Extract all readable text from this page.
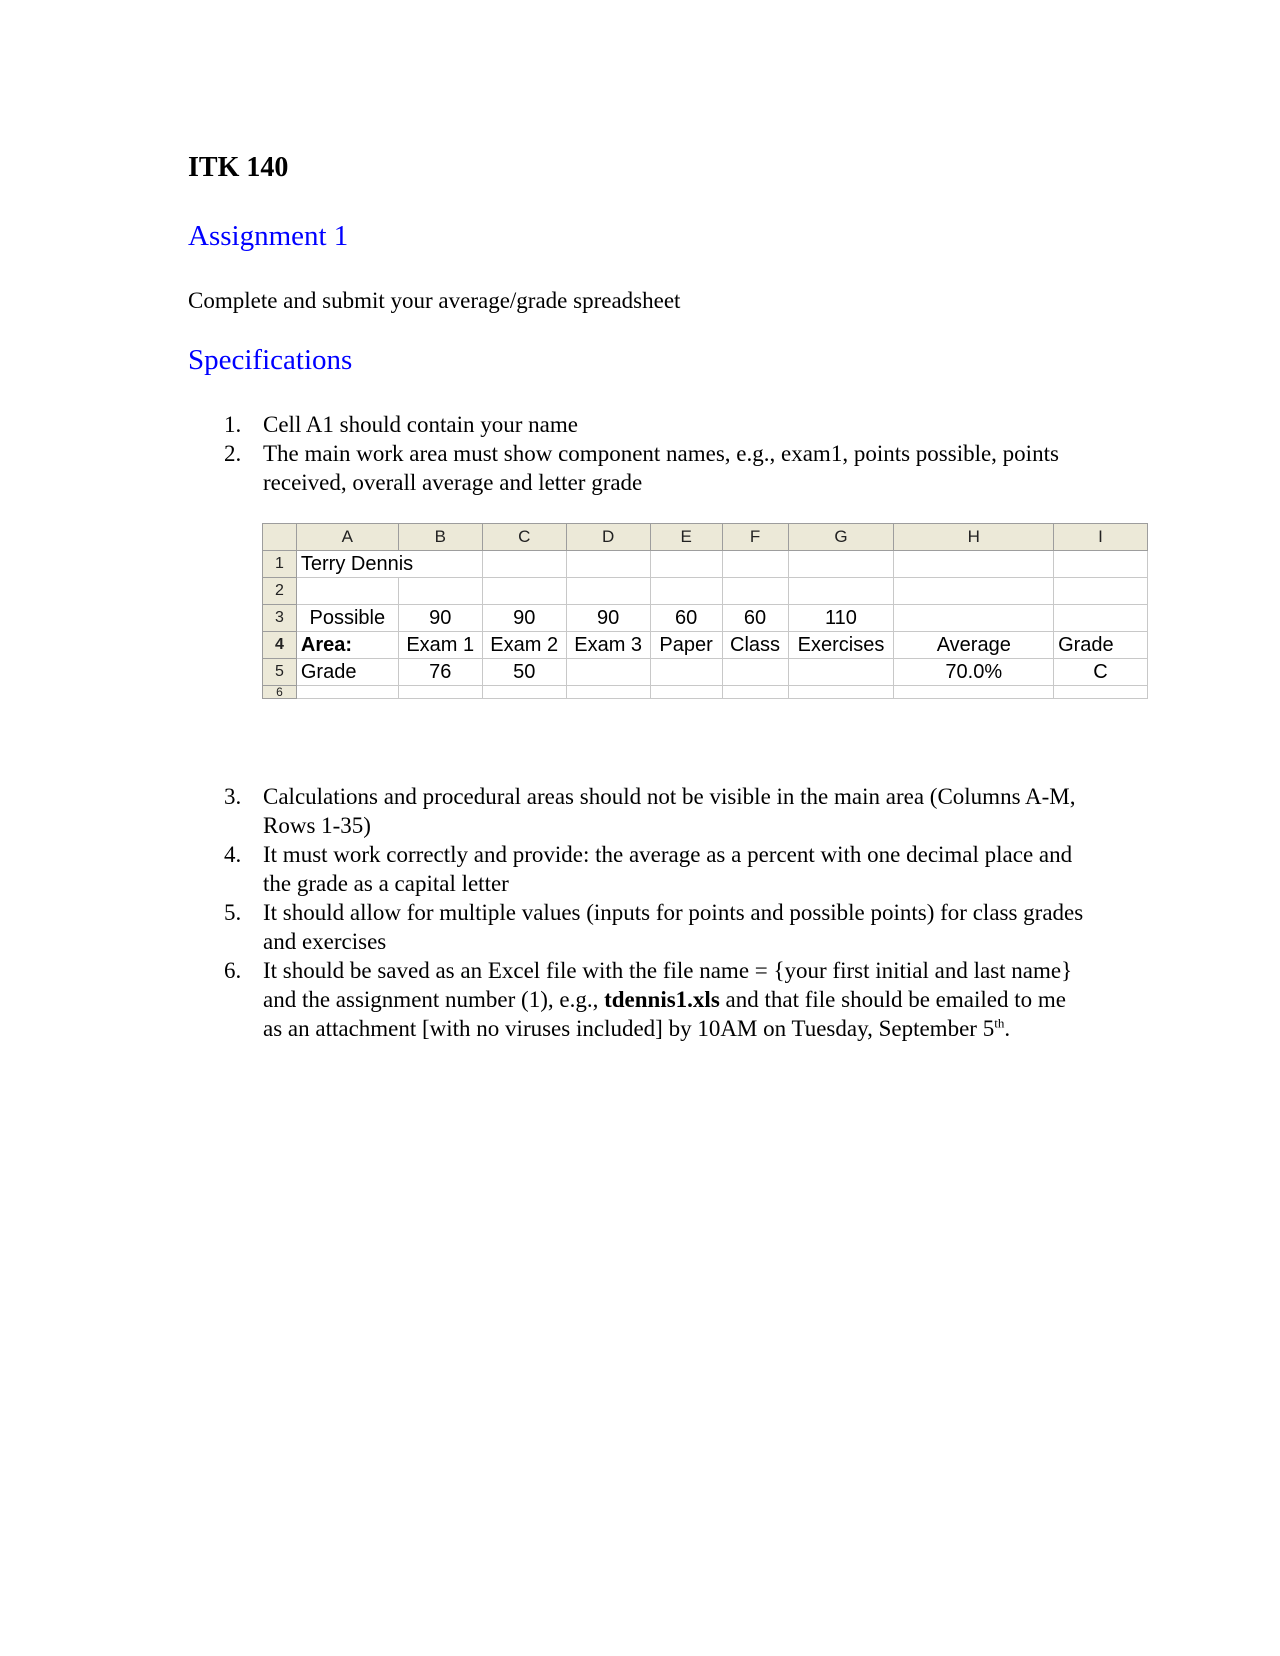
ITK 140
Assignment 1
Complete and submit your average/grade spreadsheet
Specifications
1. Cell A1 should contain your name
2. The main work area must show component names, e.g., exam1, points possible, points received, overall average and letter grade
	A	B	C	D	E	F	G	H	I
1	Terry Dennis								
2									
3	Possible	90	90	90	60	60	110		
4	Area:	Exam 1	Exam 2	Exam 3	Paper	Class	Exercises	Average	Grade
5	Grade	76	50					70.0%	C
6									
3. Calculations and procedural areas should not be visible in the main area (Columns A-M, Rows 1-35)
4. It must work correctly and provide: the average as a percent with one decimal place and the grade as a capital letter
5. It should allow for multiple values (inputs for points and possible points) for class grades and exercises
6. It should be saved as an Excel file with the file name = {your first initial and last name} and the assignment number (1), e.g., tdennis1.xls and that file should be emailed to me as an attachment [with no viruses included] by 10AM on Tuesday, September 5th.
